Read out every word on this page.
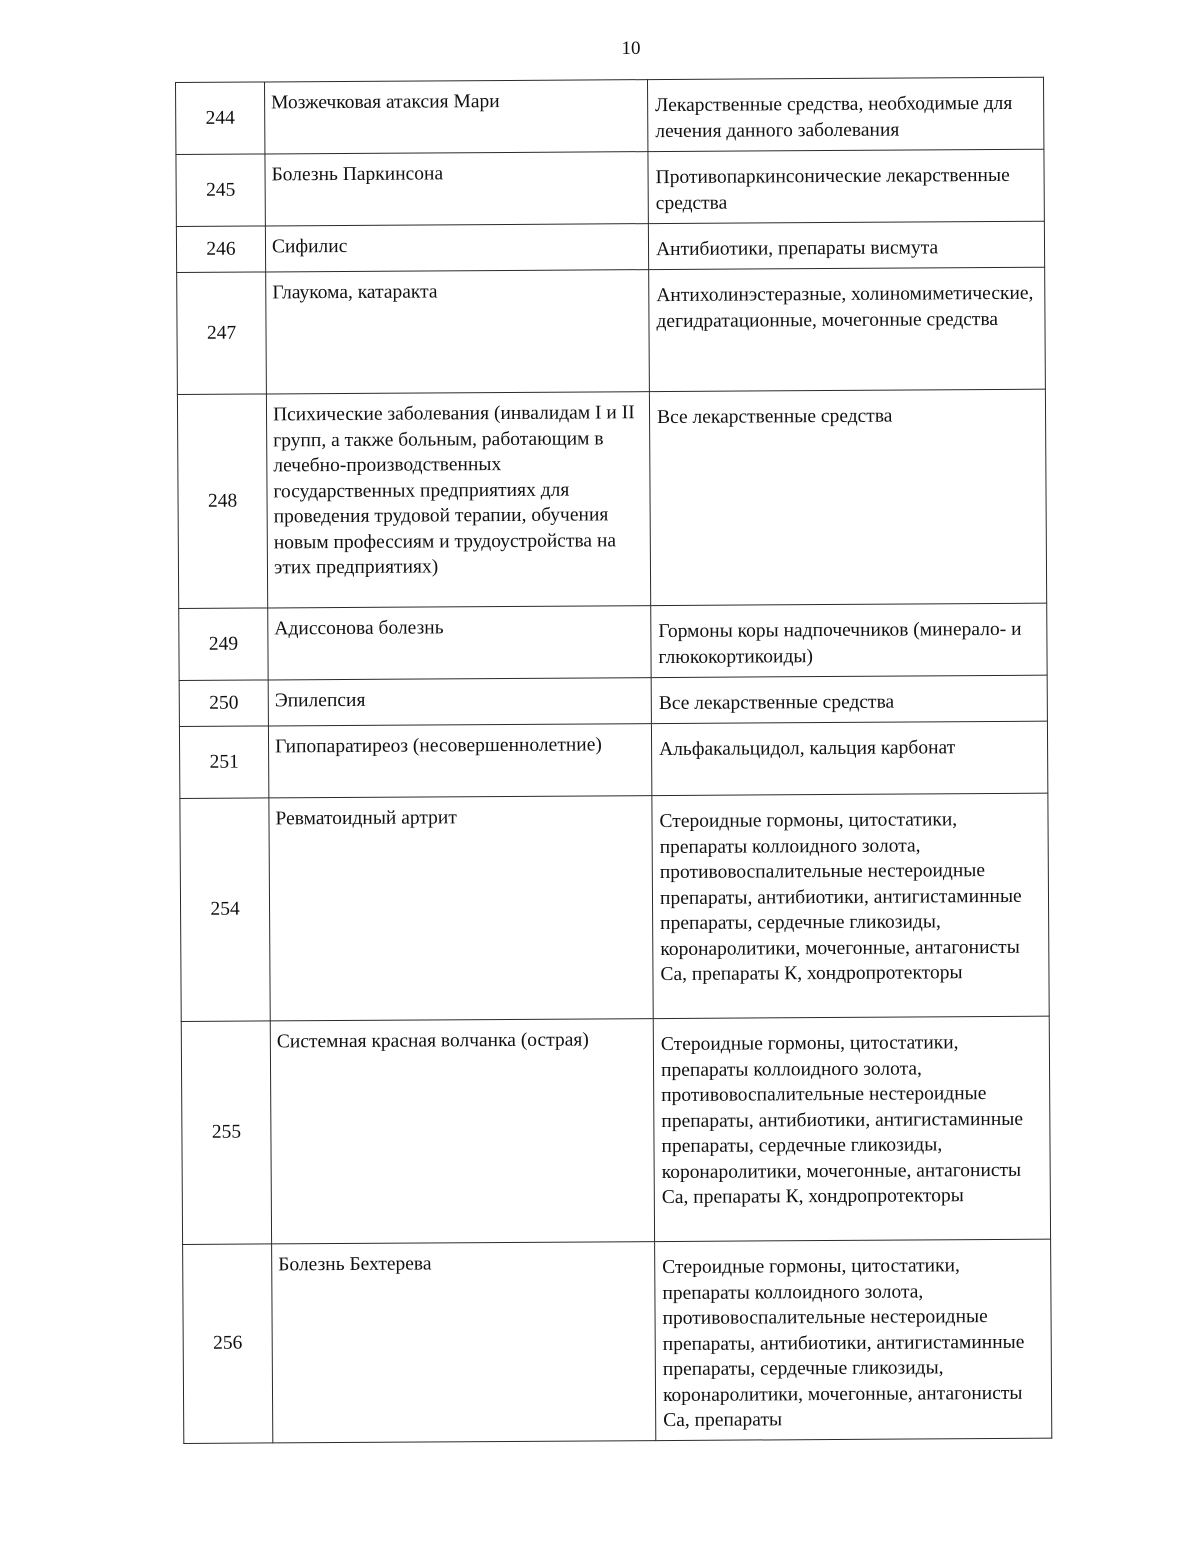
10
244	Мозжечковая атаксия Мари	Лекарственные средства, необходимые для лечения данного заболевания
245	Болезнь Паркинсона	Противопаркинсонические лекарственные средства
246	Сифилис	Антибиотики, препараты висмута
247	Глаукома, катаракта	Антихолинэстеразные, холиномиметические, дегидратационные, мочегонные средства
248	Психические заболевания (инвалидам I и II групп, а также больным, работающим в лечебно-производственных государственных предприятиях для проведения трудовой терапии, обучения новым профессиям и трудоустройства на этих предприятиях)	Все лекарственные средства
249	Адиссонова болезнь	Гормоны коры надпочечников (минерало- и глюкокортикоиды)
250	Эпилепсия	Все лекарственные средства
251	Гипопаратиреоз (несовершеннолетние)	Альфакальцидол, кальция карбонат
254	Ревматоидный артрит	Стероидные гормоны, цитостатики, препараты коллоидного золота, противовоспалительные нестероидные препараты, антибиотики, антигистаминные препараты, сердечные гликозиды, коронаролитики, мочегонные, антагонисты Са, препараты К, хондропротекторы
255	Системная красная волчанка (острая)	Стероидные гормоны, цитостатики, препараты коллоидного золота, противовоспалительные нестероидные препараты, антибиотики, антигистаминные препараты, сердечные гликозиды, коронаролитики, мочегонные, антагонисты Са, препараты К, хондропротекторы
256	Болезнь Бехтерева	Стероидные гормоны, цитостатики, препараты коллоидного золота, противовоспалительные нестероидные препараты, антибиотики, антигистаминные препараты, сердечные гликозиды, коронаролитики, мочегонные, антагонисты Са, препараты
